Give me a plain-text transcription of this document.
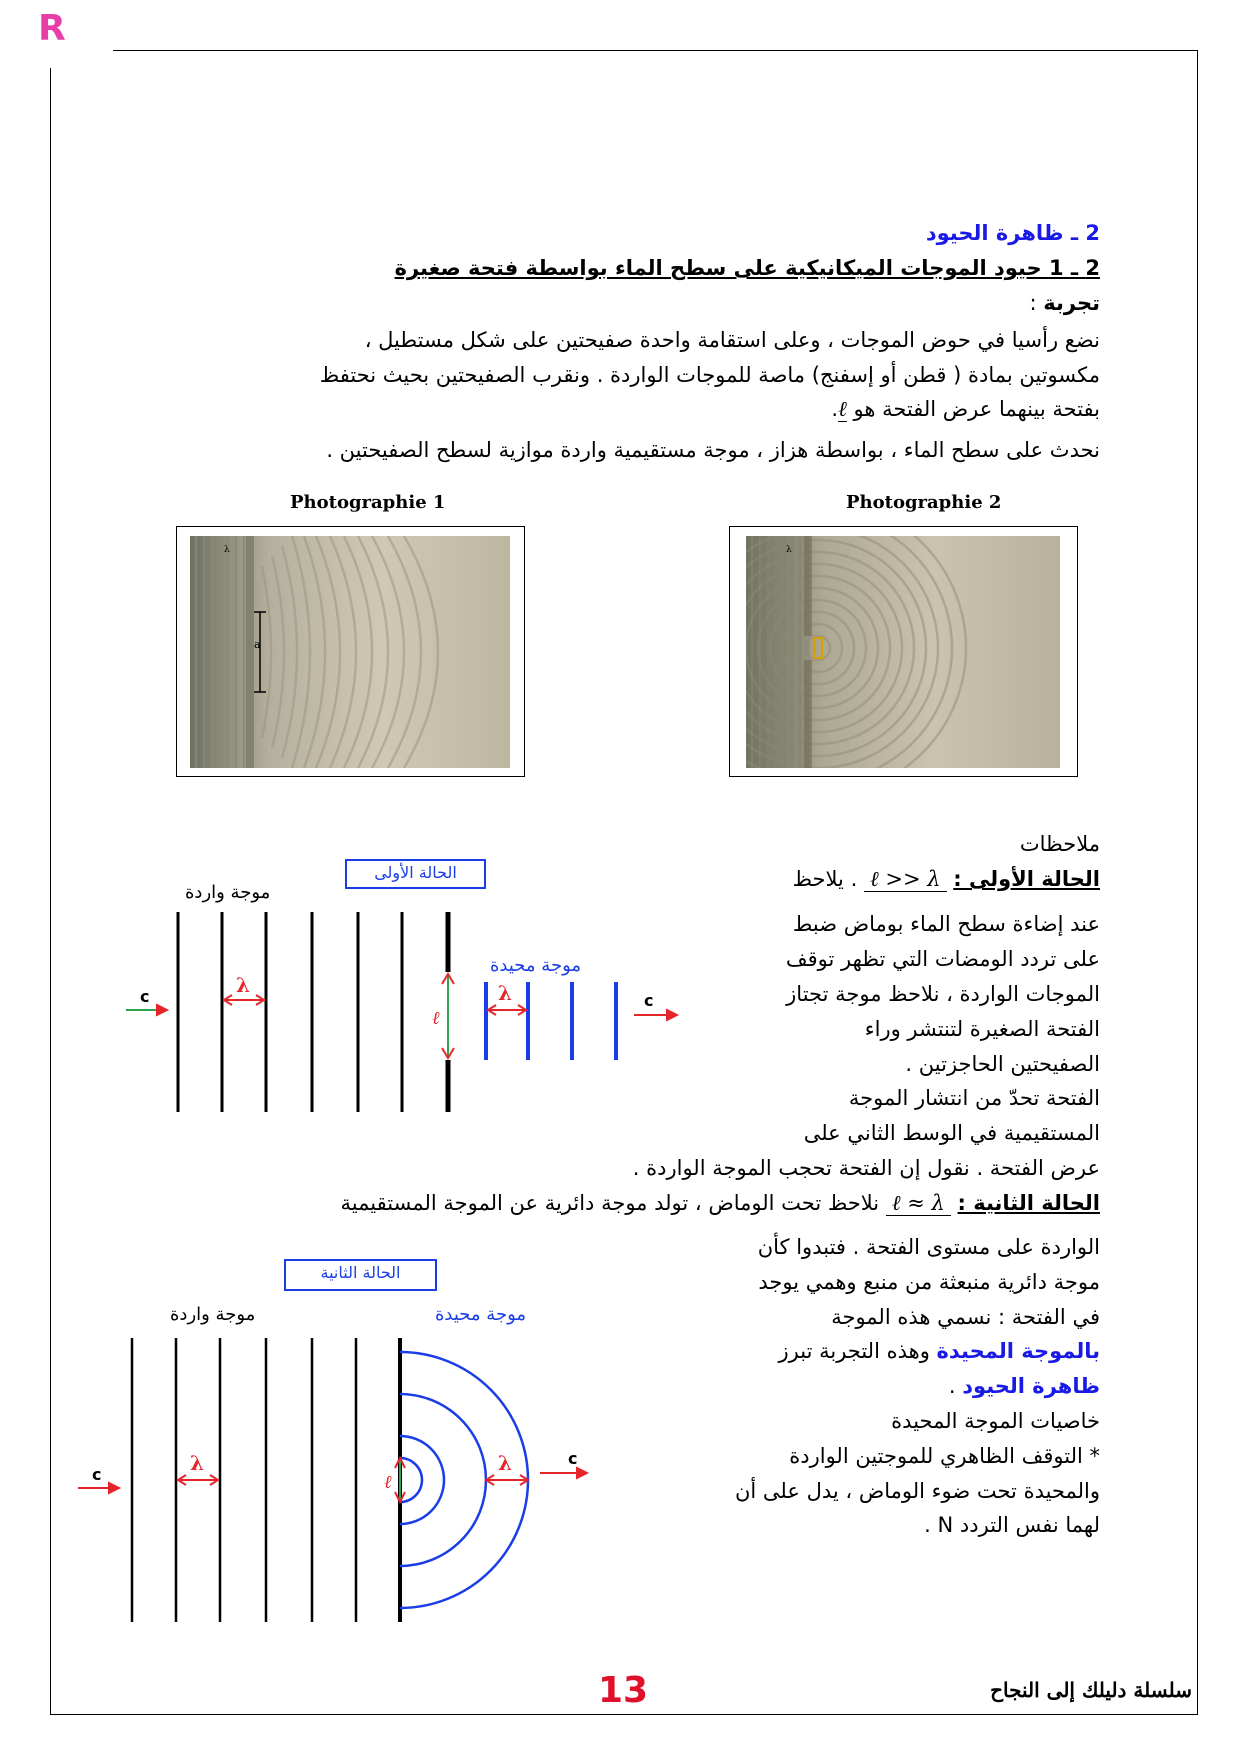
R
2 ـ ظاهرة الحيود
2 ـ 1 حيود الموجات الميكانيكية على سطح الماء بواسطة فتحة صغيرة
تجربة :
نضع رأسيا في حوض الموجات ، وعلى استقامة واحدة صفيحتين على شكل مستطيل ،
مكسوتين بمادة ( قطن أو إسفنج) ماصة للموجات الواردة . ونقرب الصفيحتين بحيث نحتفظ
بفتحة بينهما عرض الفتحة هو ℓ.
نحدث على سطح الماء ، بواسطة هزاز ، موجة مستقيمية واردة موازية لسطح الصفيحتين .
Photographie 1	Photographie 2
a
λ	λ
ملاحظات
الحالة الأولى : ℓ >> λ . يلاحظ
عند إضاءة سطح الماء بوماض ضبط
على تردد الومضات التي تظهر توقف
الموجات الواردة ، نلاحظ موجة تجتاز
الفتحة الصغيرة لتنتشر وراء
الصفيحتين الحاجزتين .
الفتحة تحدّ من انتشار الموجة
المستقيمية في الوسط الثاني على
عرض الفتحة . نقول إن الفتحة تحجب الموجة الواردة .
الحالة الثانية : ℓ ≈ λ نلاحظ تحت الوماض ، تولد موجة دائرية عن الموجة المستقيمية
الواردة على مستوى الفتحة . فتبدوا كأن
موجة دائرية منبعثة من منبع وهمي يوجد
في الفتحة : نسمي هذه الموجة
بالموجة المحيدة وهذه التجربة تبرز
ظاهرة الحيود .
خاصيات الموجة المحيدة
* التوقف الظاهري للموجتين الواردة
والمحيدة تحت ضوء الوماض ، يدل على أن
لهما نفس التردد N .
الحالة الأولى
موجة واردة
موجة محيدة
ℓ
λ	λ
c	c
الحالة الثانية
موجة واردة	موجة محيدة
ℓ
λ	λ
c
c
13	سلسلة دليلك إلى النجاح
